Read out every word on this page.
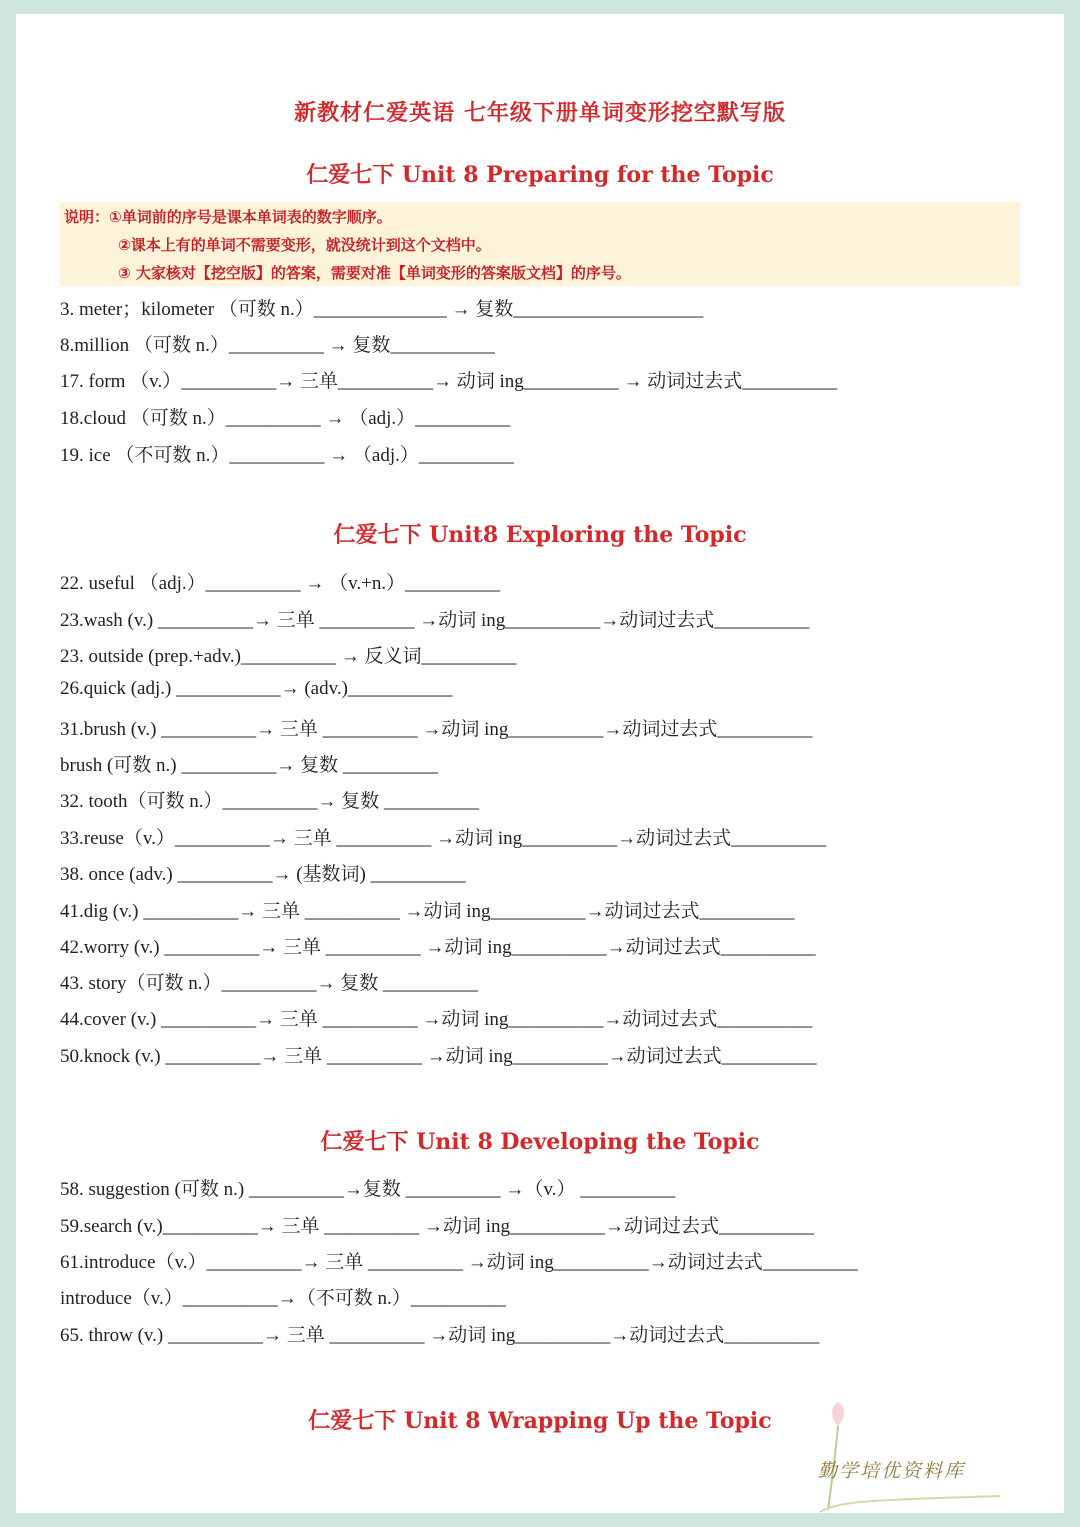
新教材仁爱英语 七年级下册单词变形挖空默写版
仁爱七下 Unit 8 Preparing for the Topic
说明：①单词前的序号是课本单词表的数字顺序。
②课本上有的单词不需要变形，就没统计到这个文档中。
③ 大家核对【挖空版】的答案，需要对准【单词变形的答案版文档】的序号。
3. meter；kilometer （可数 n.）______________ → 复数____________________
8.million （可数 n.）__________ → 复数___________
17. form （v.）__________→ 三单__________→ 动词 ing__________ → 动词过去式__________
18.cloud （可数 n.）__________ → （adj.）__________
19. ice （不可数 n.）__________ → （adj.）__________
仁爱七下 Unit8 Exploring the Topic
22. useful （adj.）__________ → （v.+n.）__________
23.wash (v.) __________→ 三单 __________ →动词 ing__________→动词过去式__________
23. outside (prep.+adv.)__________ → 反义词__________
26.quick (adj.) ___________→ (adv.)___________
31.brush (v.) __________→ 三单 __________ →动词 ing__________→动词过去式__________
brush (可数 n.) __________→ 复数 __________
32. tooth（可数 n.）__________→ 复数 __________
33.reuse（v.）__________→ 三单 __________ →动词 ing__________→动词过去式__________
38. once (adv.) __________→ (基数词) __________
41.dig (v.) __________→ 三单 __________ →动词 ing__________→动词过去式__________
42.worry (v.) __________→ 三单 __________ →动词 ing__________→动词过去式__________
43. story（可数 n.）__________→ 复数 __________
44.cover (v.) __________→ 三单 __________ →动词 ing__________→动词过去式__________
50.knock (v.) __________→ 三单 __________ →动词 ing__________→动词过去式__________
仁爱七下 Unit 8 Developing the Topic
58. suggestion (可数 n.) __________→复数 __________ →（v.） __________
59.search (v.)__________→ 三单 __________ →动词 ing__________→动词过去式__________
61.introduce（v.）__________→ 三单 __________ →动词 ing__________→动词过去式__________
introduce（v.）__________→（不可数 n.）__________
65. throw (v.) __________→ 三单 __________ →动词 ing__________→动词过去式__________
仁爱七下 Unit 8 Wrapping Up the Topic
勤学培优资料库
